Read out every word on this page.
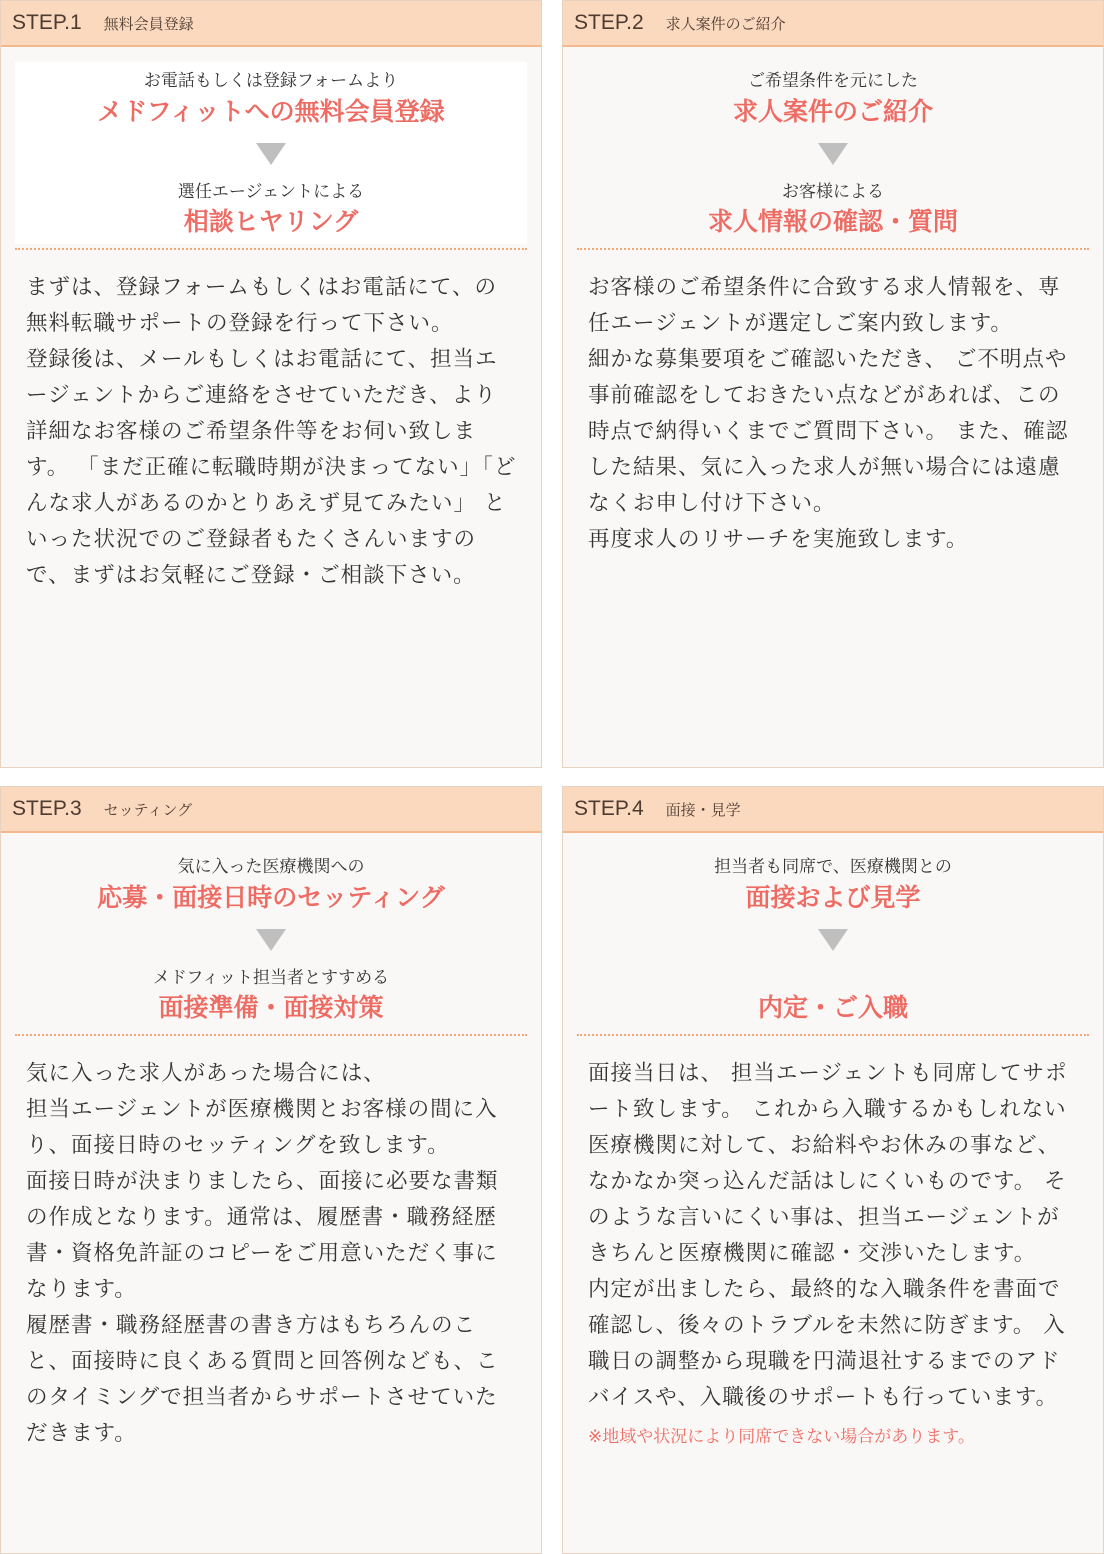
STEP.1 無料会員登録
お電話もしくは登録フォームより
メドフィットへの無料会員登録
選任エージェントによる
相談ヒヤリング

まずは、登録フォームもしくはお電話にて、の無料転職サポートの登録を行って下さい。

登録後は、メールもしくはお電話にて、担当エージェントからご連絡をさせていただき、より詳細なお客様のご希望条件等をお伺い致します。 「まだ正確に転職時期が決まってない」「どんな求人があるのかとりあえず見てみたい」 といった状況でのご登録者もたくさんいますので、まずはお気軽にご登録・ご相談下さい。

STEP.2 求人案件のご紹介
ご希望条件を元にした
求人案件のご紹介
お客様による
求人情報の確認・質問

お客様のご希望条件に合致する求人情報を、専任エージェントが選定しご案内致します。

細かな募集要項をご確認いただき、 ご不明点や事前確認をしておきたい点などがあれば、この時点で納得いくまでご質問下さい。 また、確認した結果、気に入った求人が無い場合には遠慮なくお申し付け下さい。

再度求人のリサーチを実施致します。

STEP.3 セッティング
気に入った医療機関への
応募・面接日時のセッティング
メドフィット担当者とすすめる
面接準備・面接対策

気に入った求人があった場合には、

担当エージェントが医療機関とお客様の間に入り、面接日時のセッティングを致します。

面接日時が決まりましたら、面接に必要な書類の作成となります。通常は、履歴書・職務経歴書・資格免許証のコピーをご用意いただく事になります。

履歴書・職務経歴書の書き方はもちろんのこと、面接時に良くある質問と回答例なども、このタイミングで担当者からサポートさせていただきます。

STEP.4 面接・見学
担当者も同席で、医療機関との
面接および見学
内定・ご入職

面接当日は、 担当エージェントも同席してサポート致します。 これから入職するかもしれない医療機関に対して、お給料やお休みの事など、なかなか突っ込んだ話はしにくいものです。 そのような言いにくい事は、担当エージェントがきちんと医療機関に確認・交渉いたします。

内定が出ましたら、最終的な入職条件を書面で確認し、後々のトラブルを未然に防ぎます。 入職日の調整から現職を円満退社するまでのアドバイスや、入職後のサポートも行っています。

※地域や状況により同席できない場合があります。
